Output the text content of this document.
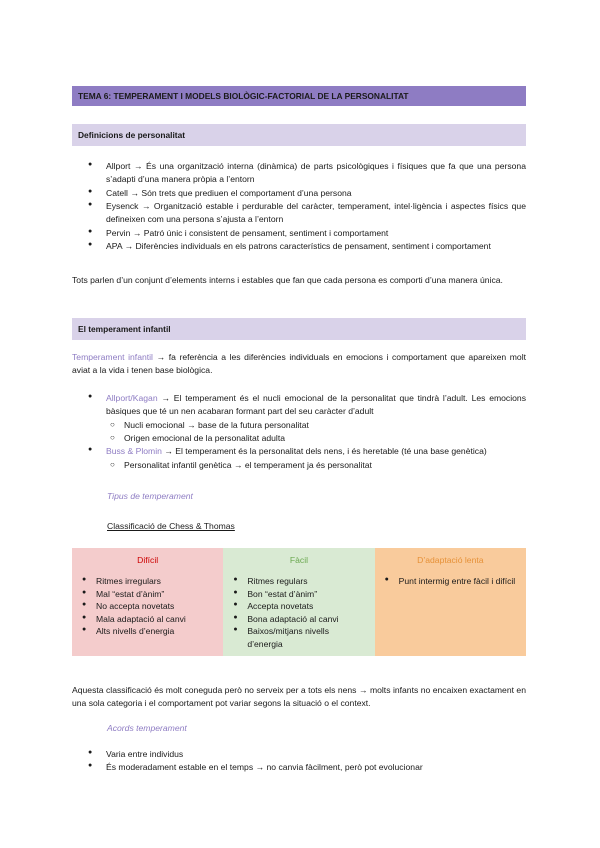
TEMA 6: TEMPERAMENT I MODELS BIOLÒGIC-FACTORIAL DE LA PERSONALITAT
Definicions de personalitat
● Allport → És una organització interna (dinàmica) de parts psicològiques i físiques que fa que una persona s’adapti d’una manera pròpia a l’entorn
● Catell → Són trets que prediuen el comportament d’una persona
● Eysenck → Organització estable i perdurable del caràcter, temperament, intel·ligència i aspectes físics que defineixen com una persona s’ajusta a l’entorn
● Pervin → Patró únic i consistent de pensament, sentiment i comportament
● APA → Diferències individuals en els patrons característics de pensament, sentiment i comportament
Tots parlen d’un conjunt d’elements interns i estables que fan que cada persona es comporti d’una manera única.
El temperament infantil
Temperament infantil → fa referència a les diferències individuals en emocions i comportament que apareixen molt aviat a la vida i tenen base biològica.
● Allport/Kagan → El temperament és el nucli emocional de la personalitat que tindrà l’adult. Les emocions bàsiques que té un nen acabaran formant part del seu caràcter d’adult
○ Nucli emocional → base de la futura personalitat
○ Origen emocional de la personalitat adulta
● Buss & Plomin → El temperament és la personalitat dels nens, i és heretable (té una base genètica)
○ Personalitat infantil genètica → el temperament ja és personalitat
Tipus de temperament
Classificació de Chess & Thomas
Difícil
● Ritmes irregulars
● Mal “estat d’ànim”
● No accepta novetats
● Mala adaptació al canvi
● Alts nivells d’energia
Fàcil
● Ritmes regulars
● Bon “estat d’ànim”
● Accepta novetats
● Bona adaptació al canvi
● Baixos/mitjans nivells d’energia
D’adaptació lenta
● Punt intermig entre fàcil i difícil
Aquesta classificació és molt coneguda però no serveix per a tots els nens → molts infants no encaixen exactament en una sola categoria i el comportament pot variar segons la situació o el context.
Acords temperament
● Varia entre individus
● És moderadament estable en el temps → no canvia fàcilment, però pot evolucionar
